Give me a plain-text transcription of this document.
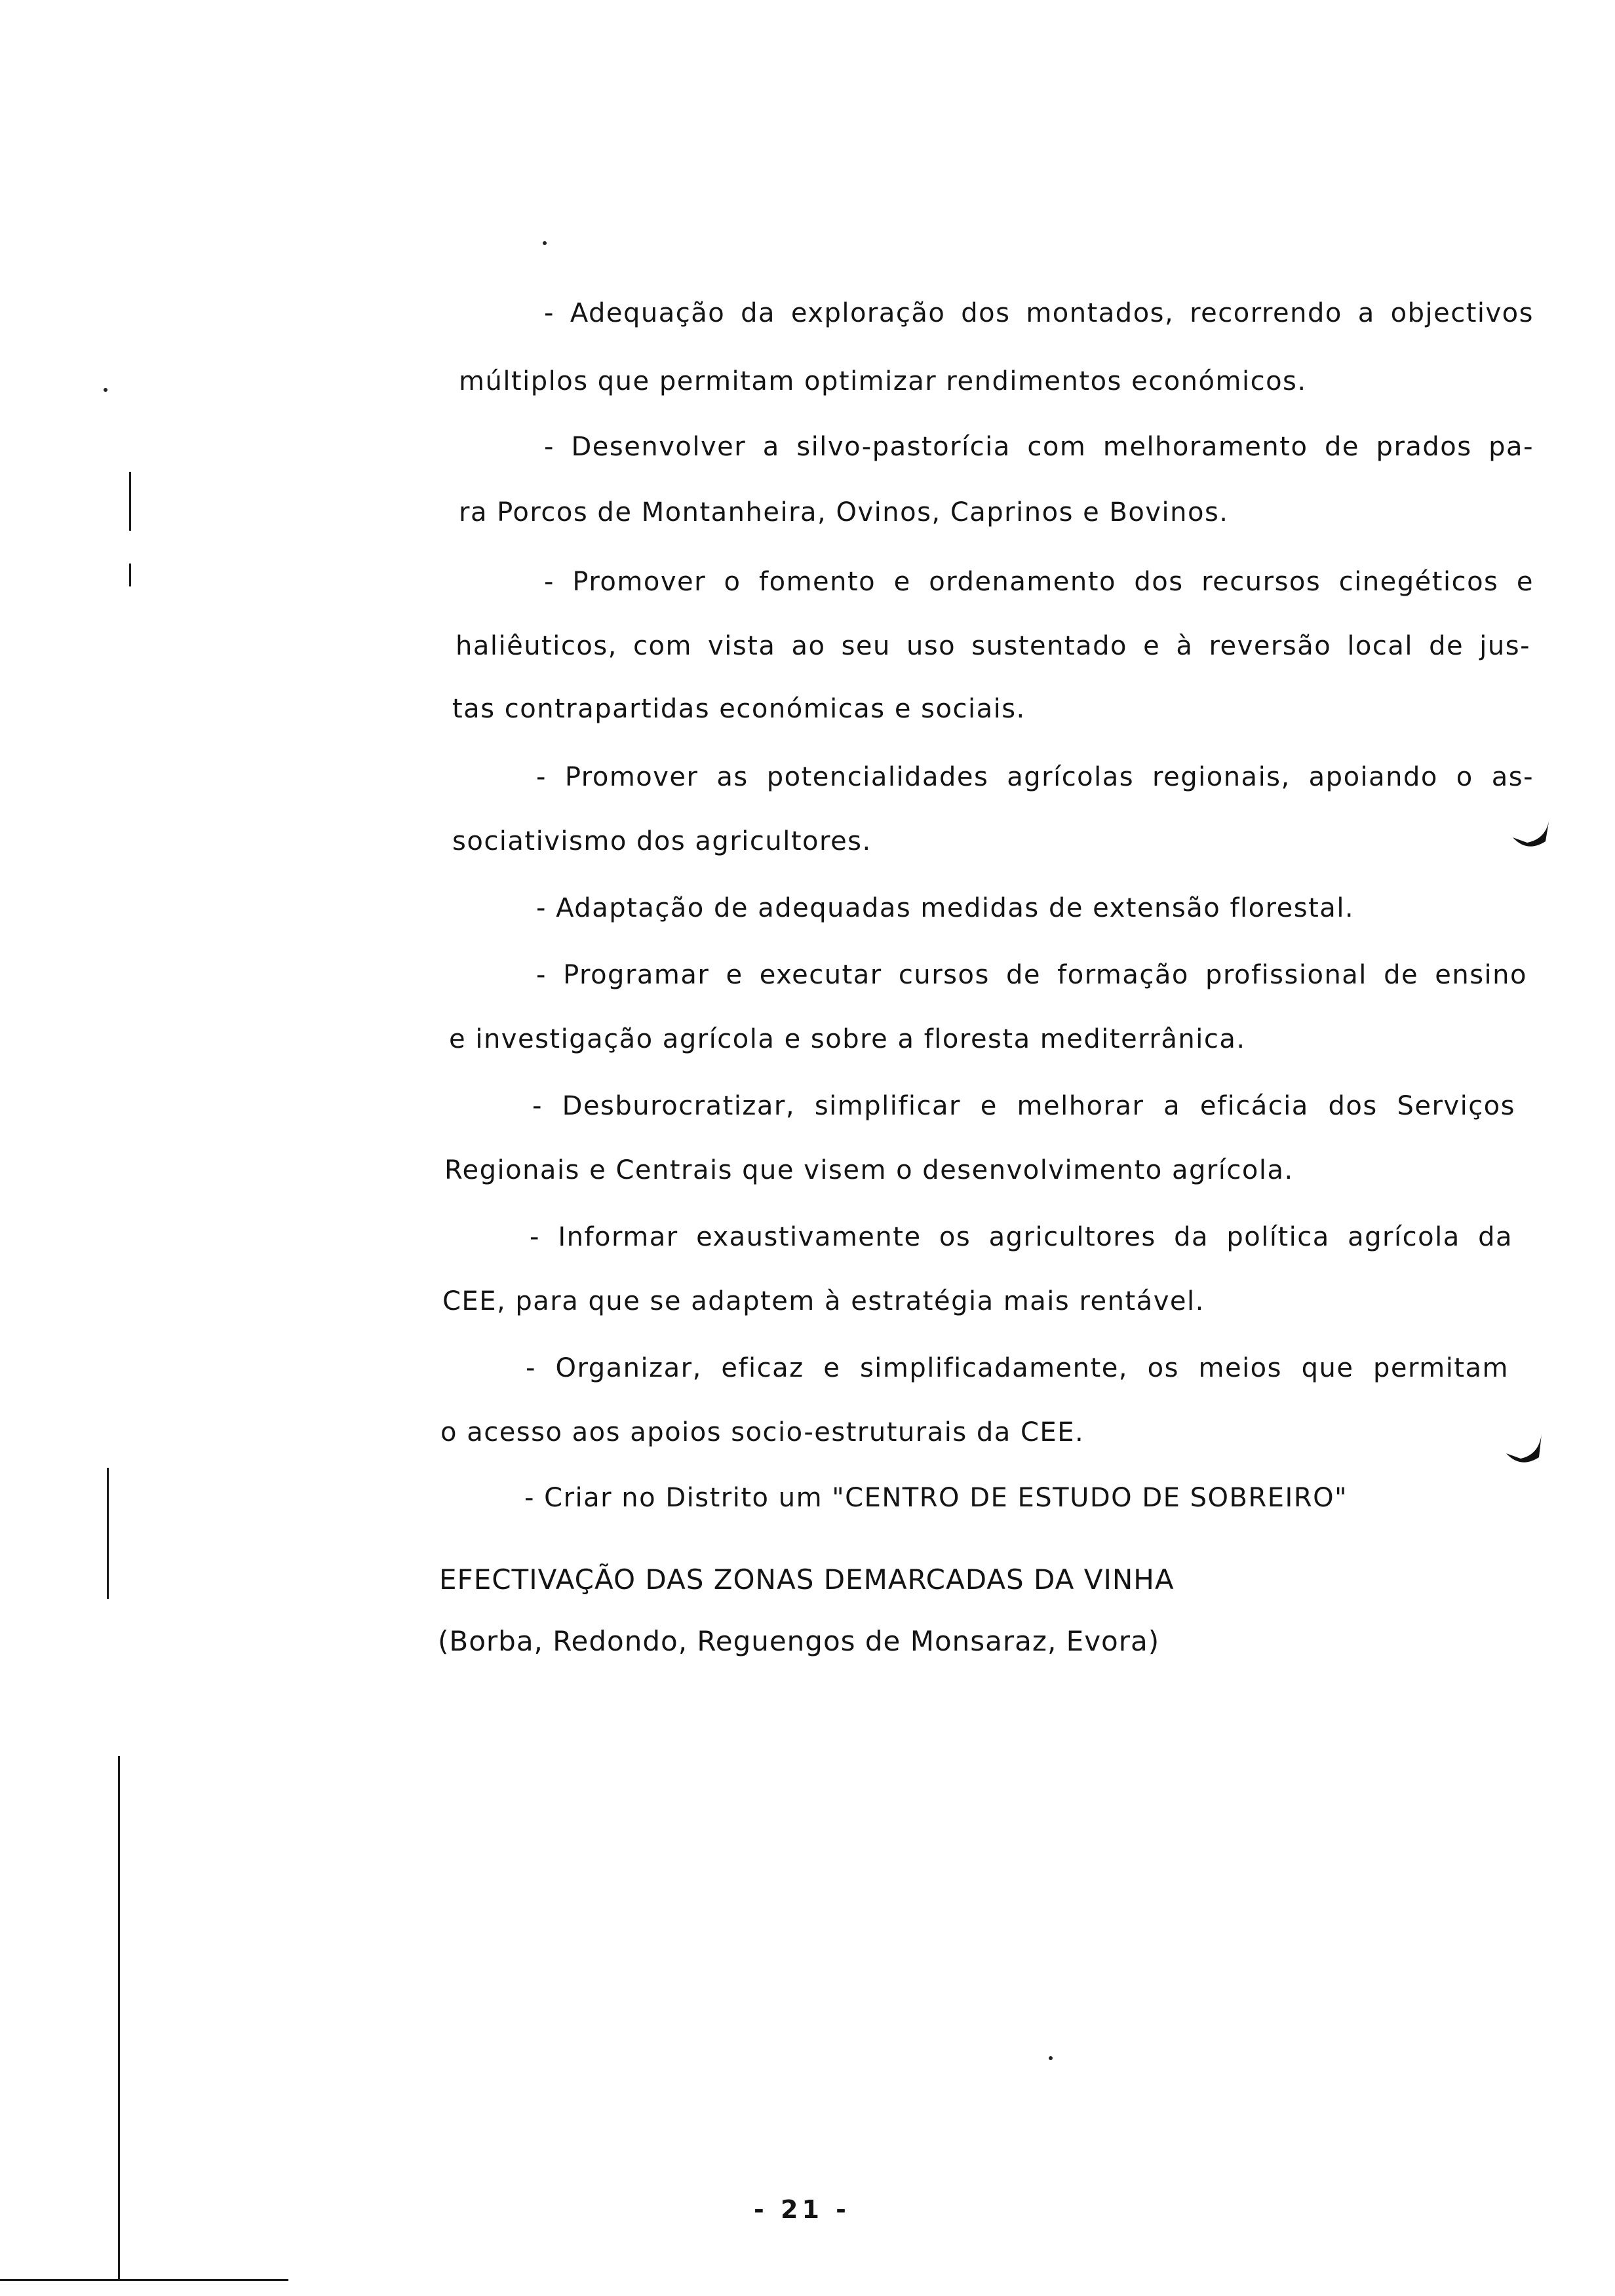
- Adequação da exploração dos montados, recorrendo a objectivos
múltiplos que permitam optimizar rendimentos económicos.
- Desenvolver a silvo-pastorícia com melhoramento de prados pa-
ra Porcos de Montanheira, Ovinos, Caprinos e Bovinos.
- Promover o fomento e ordenamento dos recursos cinegéticos e
haliêuticos, com vista ao seu uso sustentado e à reversão local de jus-
tas contrapartidas económicas e sociais.
- Promover as potencialidades agrícolas regionais, apoiando o as-
sociativismo dos agricultores.
- Adaptação de adequadas medidas de extensão florestal.
- Programar e executar cursos de formação profissional de ensino
e investigação agrícola e sobre a floresta mediterrânica.
- Desburocratizar, simplificar e melhorar a eficácia dos Serviços
Regionais e Centrais que visem o desenvolvimento agrícola.
- Informar exaustivamente os agricultores da política agrícola da
CEE, para que se adaptem à estratégia mais rentável.
- Organizar, eficaz e simplificadamente, os meios que permitam
o acesso aos apoios socio-estruturais da CEE.
- Criar no Distrito um "CENTRO DE ESTUDO DE SOBREIRO"
EFECTIVAÇÃO DAS ZONAS DEMARCADAS DA VINHA
(Borba, Redondo, Reguengos de Monsaraz, Evora)
- 21 -
